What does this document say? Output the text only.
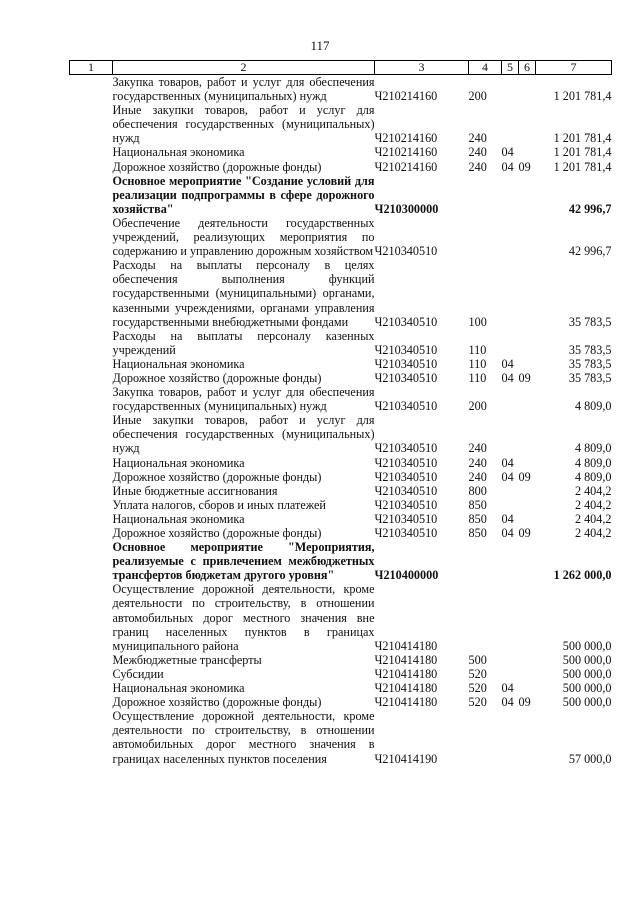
117
1	2	3	4	5	6	7
	Закупка товаров, работ и услуг для обеспечения государственных (муниципальных) нужд	Ч210214160	200			1 201 781,4
	Иные закупки товаров, работ и услуг для обеспечения государственных (муниципальных) нужд	Ч210214160	240			1 201 781,4
	Национальная экономика	Ч210214160	240	04		1 201 781,4
	Дорожное хозяйство (дорожные фонды)	Ч210214160	240	04	09	1 201 781,4
	Основное мероприятие "Создание условий для реализации подпрограммы в сфере дорожного хозяйства"	Ч210300000				42 996,7
	Обеспечение деятельности государственных учреждений, реализующих мероприятия по содержанию и управлению дорожным хозяйством	Ч210340510				42 996,7
	Расходы на выплаты персоналу в целях обеспечения выполнения функций государственными (муниципальными) органами, казенными учреждениями, органами управления государственными внебюджетными фондами	Ч210340510	100			35 783,5
	Расходы на выплаты персоналу казенных учреждений	Ч210340510	110			35 783,5
	Национальная экономика	Ч210340510	110	04		35 783,5
	Дорожное хозяйство (дорожные фонды)	Ч210340510	110	04	09	35 783,5
	Закупка товаров, работ и услуг для обеспечения государственных (муниципальных) нужд	Ч210340510	200			4 809,0
	Иные закупки товаров, работ и услуг для обеспечения государственных (муниципальных) нужд	Ч210340510	240			4 809,0
	Национальная экономика	Ч210340510	240	04		4 809,0
	Дорожное хозяйство (дорожные фонды)	Ч210340510	240	04	09	4 809,0
	Иные бюджетные ассигнования	Ч210340510	800			2 404,2
	Уплата налогов, сборов и иных платежей	Ч210340510	850			2 404,2
	Национальная экономика	Ч210340510	850	04		2 404,2
	Дорожное хозяйство (дорожные фонды)	Ч210340510	850	04	09	2 404,2
	Основное мероприятие "Мероприятия, реализуемые с привлечением межбюджетных трансфертов бюджетам другого уровня"	Ч210400000				1 262 000,0
	Осуществление дорожной деятельности, кроме деятельности по строительству, в отношении автомобильных дорог местного значения вне границ населенных пунктов в границах муниципального района	Ч210414180				500 000,0
	Межбюджетные трансферты	Ч210414180	500			500 000,0
	Субсидии	Ч210414180	520			500 000,0
	Национальная экономика	Ч210414180	520	04		500 000,0
	Дорожное хозяйство (дорожные фонды)	Ч210414180	520	04	09	500 000,0
	Осуществление дорожной деятельности, кроме деятельности по строительству, в отношении автомобильных дорог местного значения в границах населенных пунктов поселения	Ч210414190				57 000,0
